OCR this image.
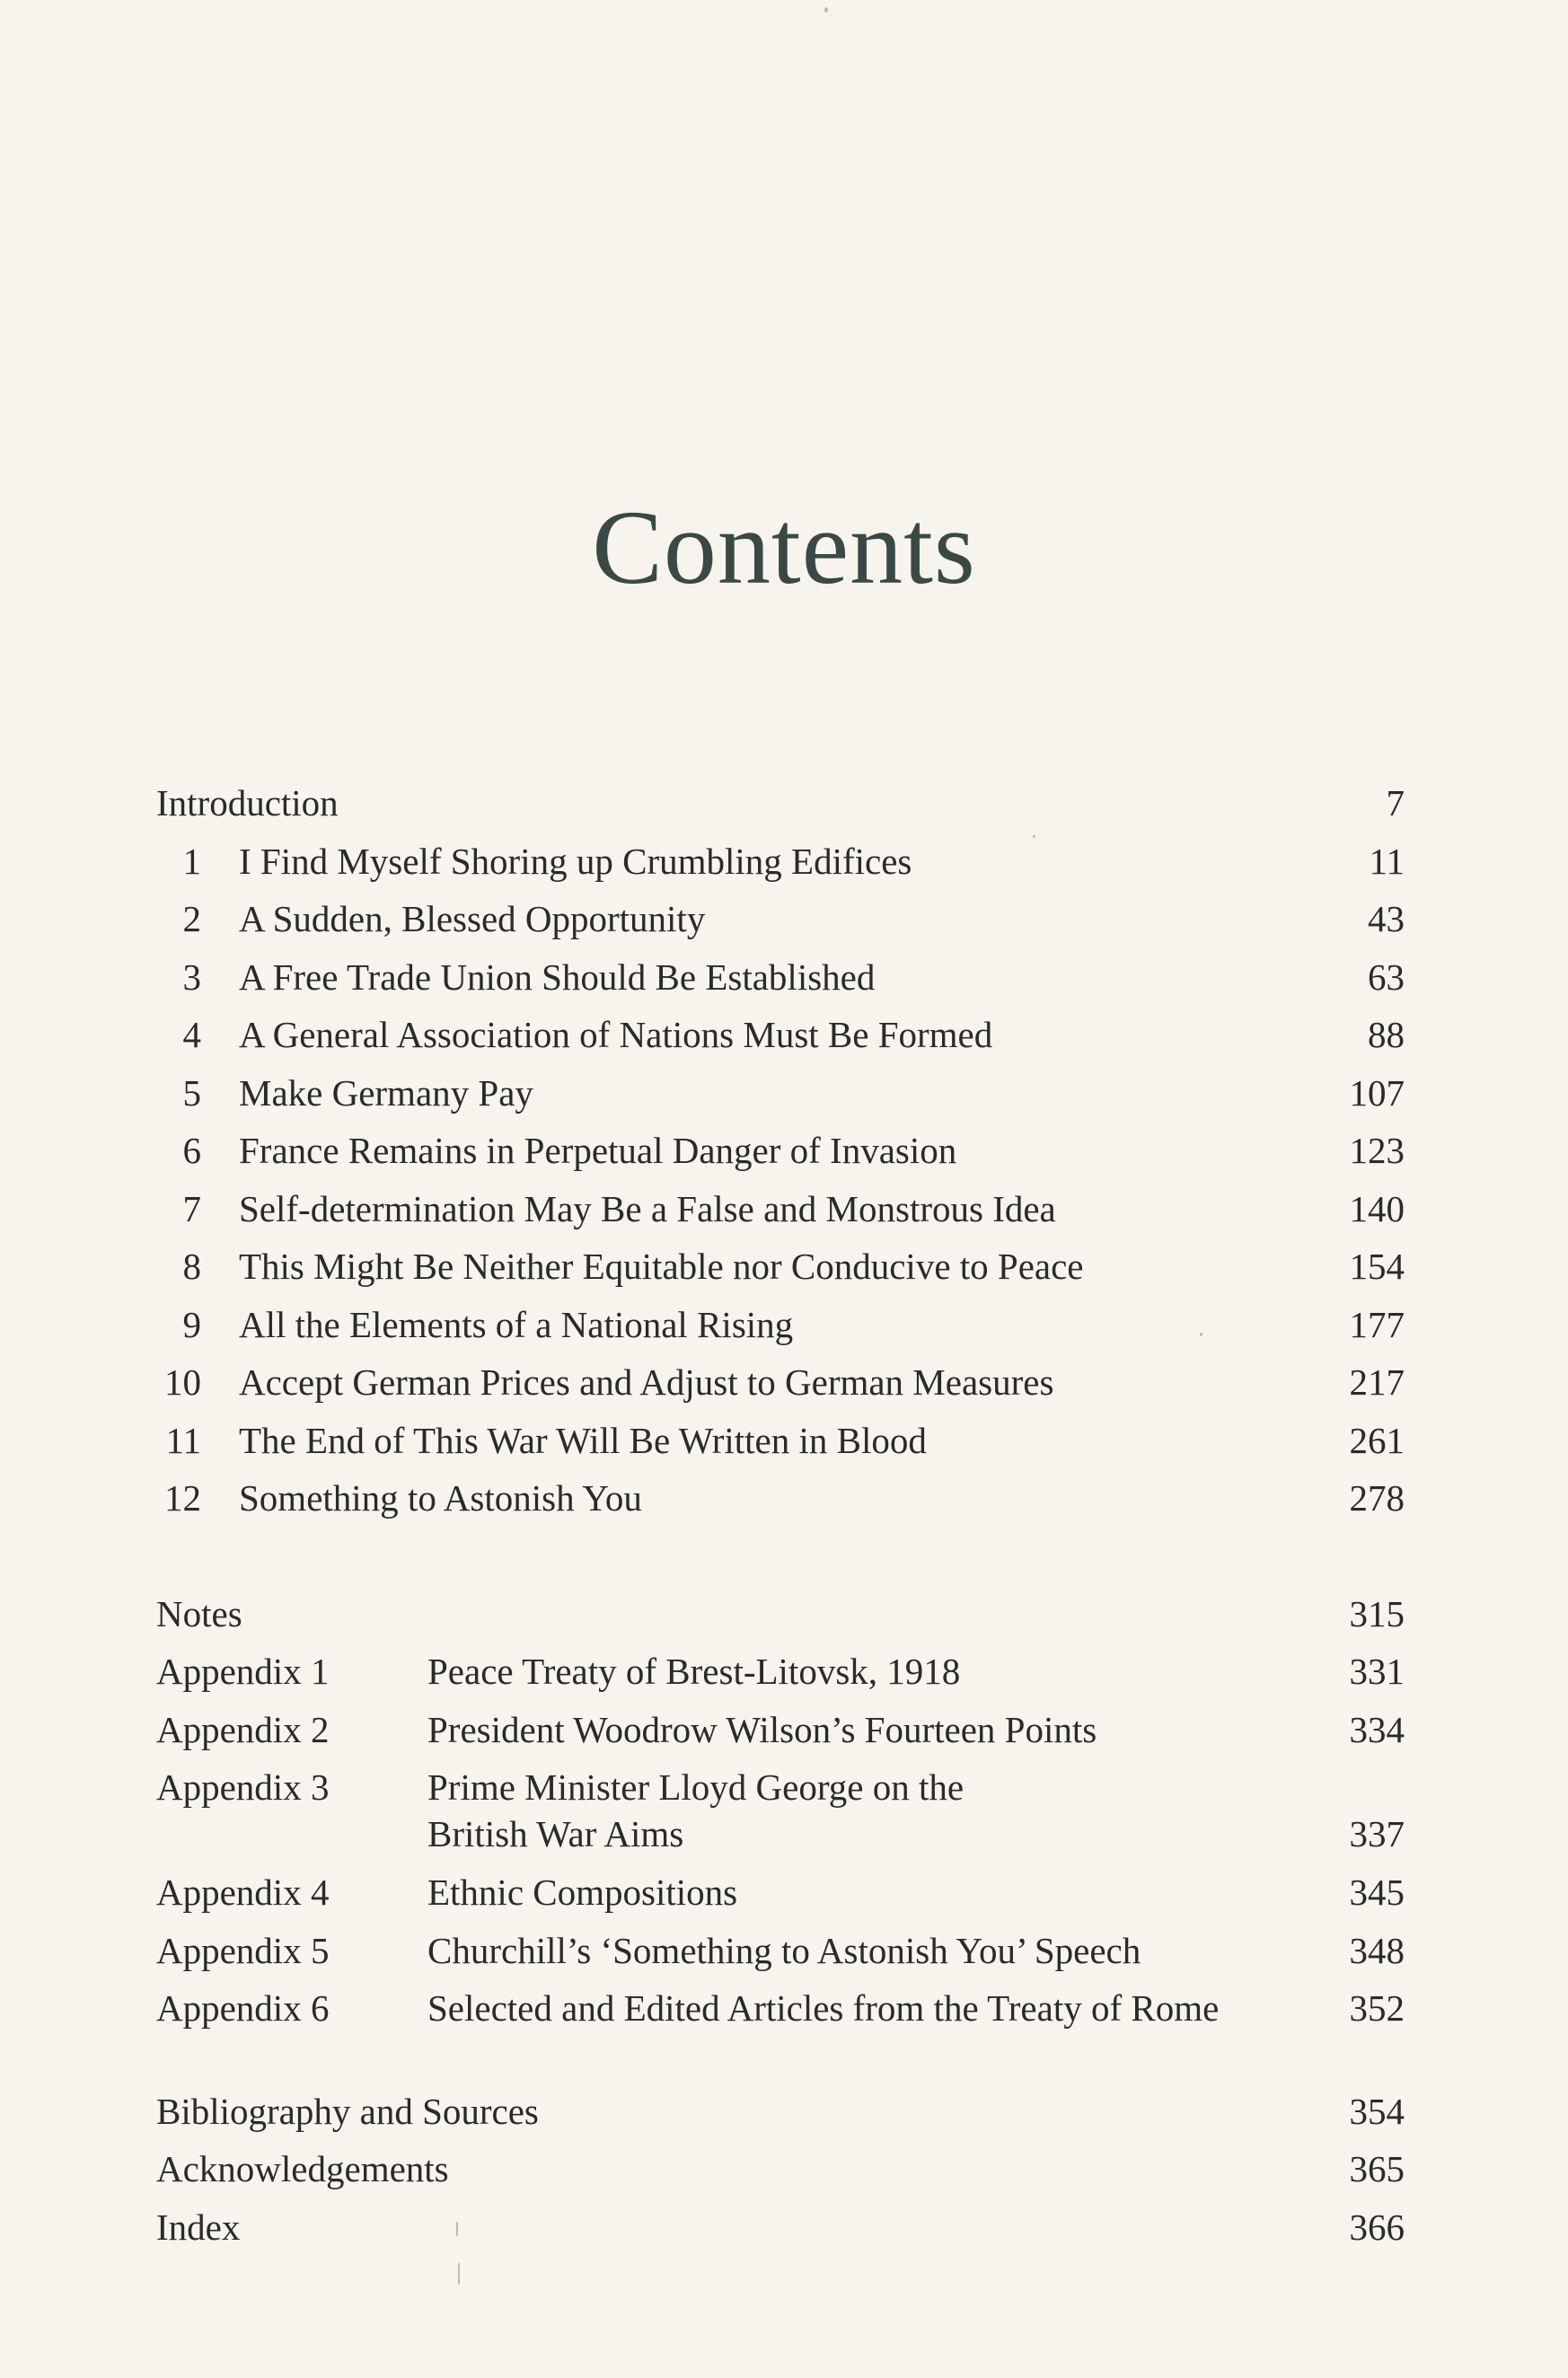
Contents
Introduction	7
1 I Find Myself Shoring up Crumbling Edifices	11
2 A Sudden, Blessed Opportunity	43
3 A Free Trade Union Should Be Established	63
4 A General Association of Nations Must Be Formed	88
5 Make Germany Pay	107
6 France Remains in Perpetual Danger of Invasion	123
7 Self-determination May Be a False and Monstrous Idea	140
8 This Might Be Neither Equitable nor Conducive to Peace	154
9 All the Elements of a National Rising	177
10 Accept German Prices and Adjust to German Measures	217
11 The End of This War Will Be Written in Blood	261
12 Something to Astonish You	278
Notes	315
Appendix 1	Peace Treaty of Brest-Litovsk, 1918	331
Appendix 2	President Woodrow Wilson’s Fourteen Points	334
Appendix 3	Prime Minister Lloyd George on the
British War Aims	337
Appendix 4	Ethnic Compositions	345
Appendix 5	Churchill’s ‘Something to Astonish You’ Speech	348
Appendix 6	Selected and Edited Articles from the Treaty of Rome	352
Bibliography and Sources	354
Acknowledgements	365
Index	366
